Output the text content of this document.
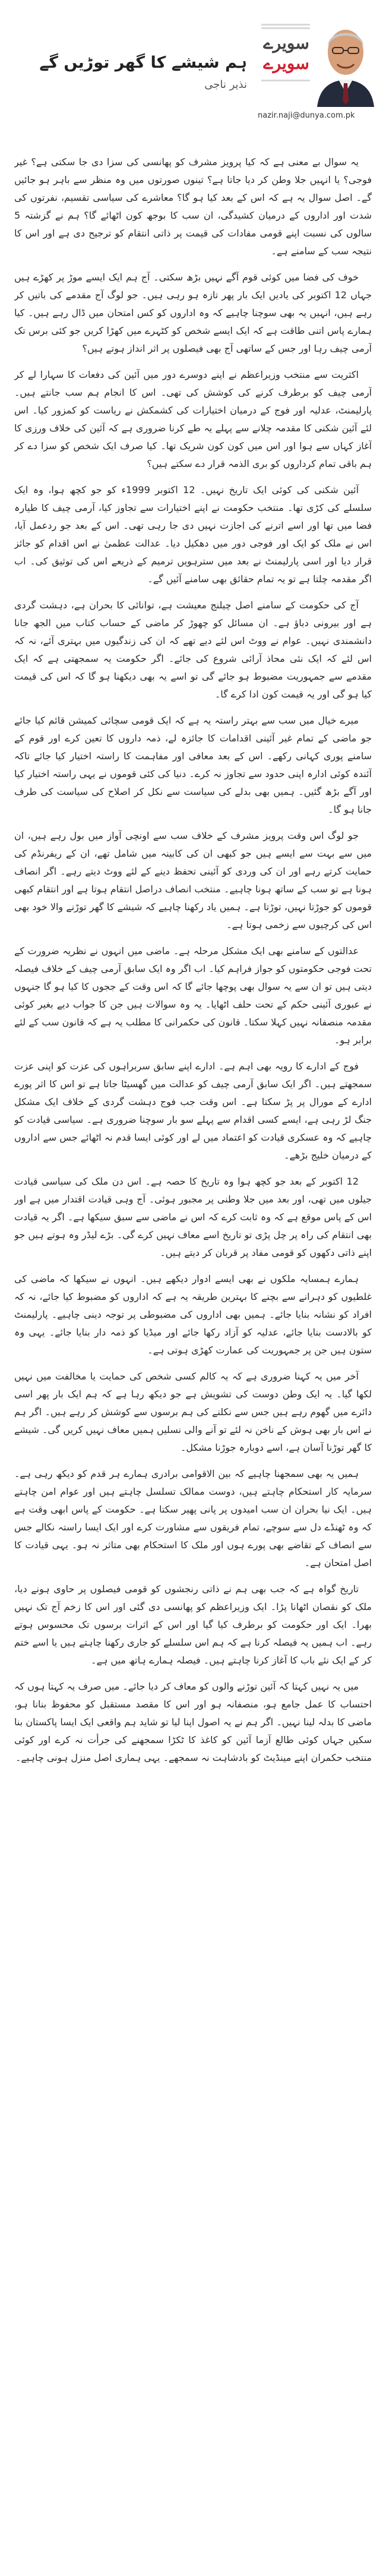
ہم شیشے کا گھر توڑیں گے
نذیر ناجی
سویرے
سویرے
nazir.naji@dunya.com.pk

یہ سوال بے معنی ہے کہ کیا پرویز مشرف کو پھانسی کی سزا دی جا سکتی ہے؟ غیر فوجی؟ یا انہیں جلا وطن کر دیا جاتا ہے؟ تینوں صورتوں میں وہ منظر سے باہر ہو جائیں گے۔ اصل سوال یہ ہے کہ اس کے بعد کیا ہو گا؟ معاشرے کی سیاسی تقسیم، نفرتوں کی شدت اور اداروں کے درمیان کشیدگی، ان سب کا بوجھ کون اٹھائے گا؟ ہم نے گزشتہ 5 سالوں کی نسبت اپنے قومی مفادات کی قیمت پر ذاتی انتقام کو ترجیح دی ہے اور اس کا نتیجہ سب کے سامنے ہے۔

خوف کی فضا میں کوئی قوم آگے نہیں بڑھ سکتی۔ آج ہم ایک ایسے موڑ پر کھڑے ہیں جہاں 12 اکتوبر کی یادیں ایک بار پھر تازہ ہو رہی ہیں۔ جو لوگ آج مقدمے کی باتیں کر رہے ہیں، انہیں یہ بھی سوچنا چاہیے کہ وہ اداروں کو کس امتحان میں ڈال رہے ہیں۔ کیا ہمارے پاس اتنی طاقت ہے کہ ایک ایسے شخص کو کٹہرے میں کھڑا کریں جو کئی برس تک آرمی چیف رہا اور جس کے ساتھی آج بھی فیصلوں پر اثر انداز ہوتے ہیں؟

اکثریت سے منتخب وزیراعظم نے اپنے دوسرے دور میں آئین کی دفعات کا سہارا لے کر آرمی چیف کو برطرف کرنے کی کوشش کی تھی۔ اس کا انجام ہم سب جانتے ہیں۔ پارلیمنٹ، عدلیہ اور فوج کے درمیان اختیارات کی کشمکش نے ریاست کو کمزور کیا۔ اس لئے آئین شکنی کا مقدمہ چلانے سے پہلے یہ طے کرنا ضروری ہے کہ آئین کی خلاف ورزی کا آغاز کہاں سے ہوا اور اس میں کون کون شریک تھا۔ کیا صرف ایک شخص کو سزا دے کر ہم باقی تمام کرداروں کو بری الذمہ قرار دے سکتے ہیں؟

آئین شکنی کی کوئی ایک تاریخ نہیں۔ 12 اکتوبر 1999ء کو جو کچھ ہوا، وہ ایک سلسلے کی کڑی تھا۔ منتخب حکومت نے اپنے اختیارات سے تجاوز کیا، آرمی چیف کا طیارہ فضا میں تھا اور اسے اترنے کی اجازت نہیں دی جا رہی تھی۔ اس کے بعد جو ردعمل آیا، اس نے ملک کو ایک اور فوجی دور میں دھکیل دیا۔ عدالت عظمیٰ نے اس اقدام کو جائز قرار دیا اور اسی پارلیمنٹ نے بعد میں سترہویں ترمیم کے ذریعے اس کی توثیق کی۔ اب اگر مقدمہ چلتا ہے تو یہ تمام حقائق بھی سامنے آئیں گے۔

آج کی حکومت کے سامنے اصل چیلنج معیشت ہے، توانائی کا بحران ہے، دہشت گردی ہے اور بیرونی دباؤ ہے۔ ان مسائل کو چھوڑ کر ماضی کے حساب کتاب میں الجھ جانا دانشمندی نہیں۔ عوام نے ووٹ اس لئے دیے تھے کہ ان کی زندگیوں میں بہتری آئے، نہ کہ اس لئے کہ ایک نئی محاذ آرائی شروع کی جائے۔ اگر حکومت یہ سمجھتی ہے کہ ایک مقدمے سے جمہوریت مضبوط ہو جائے گی تو اسے یہ بھی دیکھنا ہو گا کہ اس کی قیمت کیا ہو گی اور یہ قیمت کون ادا کرے گا۔

میرے خیال میں سب سے بہتر راستہ یہ ہے کہ ایک قومی سچائی کمیشن قائم کیا جائے جو ماضی کے تمام غیر آئینی اقدامات کا جائزہ لے، ذمہ داروں کا تعین کرے اور قوم کے سامنے پوری کہانی رکھے۔ اس کے بعد معافی اور مفاہمت کا راستہ اختیار کیا جائے تاکہ آئندہ کوئی ادارہ اپنی حدود سے تجاوز نہ کرے۔ دنیا کی کئی قوموں نے یہی راستہ اختیار کیا اور آگے بڑھ گئیں۔ ہمیں بھی بدلے کی سیاست سے نکل کر اصلاح کی سیاست کی طرف جانا ہو گا۔

جو لوگ اس وقت پرویز مشرف کے خلاف سب سے اونچی آواز میں بول رہے ہیں، ان میں سے بہت سے ایسے ہیں جو کبھی ان کی کابینہ میں شامل تھے، ان کے ریفرنڈم کی حمایت کرتے رہے اور ان کی وردی کو آئینی تحفظ دینے کے لئے ووٹ دیتے رہے۔ اگر انصاف ہونا ہے تو سب کے ساتھ ہونا چاہیے۔ منتخب انصاف دراصل انتقام ہوتا ہے اور انتقام کبھی قوموں کو جوڑتا نہیں، توڑتا ہے۔ ہمیں یاد رکھنا چاہیے کہ شیشے کا گھر توڑنے والا خود بھی اس کی کرچیوں سے زخمی ہوتا ہے۔

عدالتوں کے سامنے بھی ایک مشکل مرحلہ ہے۔ ماضی میں انہوں نے نظریہ ضرورت کے تحت فوجی حکومتوں کو جواز فراہم کیا۔ اب اگر وہ ایک سابق آرمی چیف کے خلاف فیصلہ دیتی ہیں تو ان سے یہ سوال بھی پوچھا جائے گا کہ اس وقت کے ججوں کا کیا ہو گا جنہوں نے عبوری آئینی حکم کے تحت حلف اٹھایا۔ یہ وہ سوالات ہیں جن کا جواب دیے بغیر کوئی مقدمہ منصفانہ نہیں کہلا سکتا۔ قانون کی حکمرانی کا مطلب یہ ہے کہ قانون سب کے لئے برابر ہو۔

فوج کے ادارے کا رویہ بھی اہم ہے۔ ادارے اپنے سابق سربراہوں کی عزت کو اپنی عزت سمجھتے ہیں۔ اگر ایک سابق آرمی چیف کو عدالت میں گھسیٹا جاتا ہے تو اس کا اثر پورے ادارے کے مورال پر پڑ سکتا ہے۔ اس وقت جب فوج دہشت گردی کے خلاف ایک مشکل جنگ لڑ رہی ہے، ایسے کسی اقدام سے پہلے سو بار سوچنا ضروری ہے۔ سیاسی قیادت کو چاہیے کہ وہ عسکری قیادت کو اعتماد میں لے اور کوئی ایسا قدم نہ اٹھائے جس سے اداروں کے درمیان خلیج بڑھے۔

12 اکتوبر کے بعد جو کچھ ہوا وہ تاریخ کا حصہ ہے۔ اس دن ملک کی سیاسی قیادت جیلوں میں تھی، اور بعد میں جلا وطنی پر مجبور ہوئی۔ آج وہی قیادت اقتدار میں ہے اور اس کے پاس موقع ہے کہ وہ ثابت کرے کہ اس نے ماضی سے سبق سیکھا ہے۔ اگر یہ قیادت بھی انتقام کی راہ پر چل پڑی تو تاریخ اسے معاف نہیں کرے گی۔ بڑے لیڈر وہ ہوتے ہیں جو اپنے ذاتی دکھوں کو قومی مفاد پر قربان کر دیتے ہیں۔

ہمارے ہمسایہ ملکوں نے بھی ایسے ادوار دیکھے ہیں۔ انہوں نے سیکھا کہ ماضی کی غلطیوں کو دہرانے سے بچنے کا بہترین طریقہ یہ ہے کہ اداروں کو مضبوط کیا جائے، نہ کہ افراد کو نشانہ بنایا جائے۔ ہمیں بھی اداروں کی مضبوطی پر توجہ دینی چاہیے۔ پارلیمنٹ کو بالادست بنایا جائے، عدلیہ کو آزاد رکھا جائے اور میڈیا کو ذمہ دار بنایا جائے۔ یہی وہ ستون ہیں جن پر جمہوریت کی عمارت کھڑی ہوتی ہے۔

آخر میں یہ کہنا ضروری ہے کہ یہ کالم کسی شخص کی حمایت یا مخالفت میں نہیں لکھا گیا۔ یہ ایک وطن دوست کی تشویش ہے جو دیکھ رہا ہے کہ ہم ایک بار پھر اسی دائرے میں گھوم رہے ہیں جس سے نکلنے کی ہم برسوں سے کوشش کر رہے ہیں۔ اگر ہم نے اس بار بھی ہوش کے ناخن نہ لئے تو آنے والی نسلیں ہمیں معاف نہیں کریں گی۔ شیشے کا گھر توڑنا آسان ہے، اسے دوبارہ جوڑنا مشکل۔

ہمیں یہ بھی سمجھنا چاہیے کہ بین الاقوامی برادری ہمارے ہر قدم کو دیکھ رہی ہے۔ سرمایہ کار استحکام چاہتے ہیں، دوست ممالک تسلسل چاہتے ہیں اور عوام امن چاہتے ہیں۔ ایک نیا بحران ان سب امیدوں پر پانی پھیر سکتا ہے۔ حکومت کے پاس ابھی وقت ہے کہ وہ ٹھنڈے دل سے سوچے، تمام فریقوں سے مشاورت کرے اور ایک ایسا راستہ نکالے جس سے انصاف کے تقاضے بھی پورے ہوں اور ملک کا استحکام بھی متاثر نہ ہو۔ یہی قیادت کا اصل امتحان ہے۔

تاریخ گواہ ہے کہ جب بھی ہم نے ذاتی رنجشوں کو قومی فیصلوں پر حاوی ہونے دیا، ملک کو نقصان اٹھانا پڑا۔ ایک وزیراعظم کو پھانسی دی گئی اور اس کا زخم آج تک نہیں بھرا۔ ایک اور حکومت کو برطرف کیا گیا اور اس کے اثرات برسوں تک محسوس ہوتے رہے۔ اب ہمیں یہ فیصلہ کرنا ہے کہ ہم اس سلسلے کو جاری رکھنا چاہتے ہیں یا اسے ختم کر کے ایک نئے باب کا آغاز کرنا چاہتے ہیں۔ فیصلہ ہمارے ہاتھ میں ہے۔

میں یہ نہیں کہتا کہ آئین توڑنے والوں کو معاف کر دیا جائے۔ میں صرف یہ کہتا ہوں کہ احتساب کا عمل جامع ہو، منصفانہ ہو اور اس کا مقصد مستقبل کو محفوظ بنانا ہو، ماضی کا بدلہ لینا نہیں۔ اگر ہم نے یہ اصول اپنا لیا تو شاید ہم واقعی ایک ایسا پاکستان بنا سکیں جہاں کوئی طالع آزما آئین کو کاغذ کا ٹکڑا سمجھنے کی جرأت نہ کرے اور کوئی منتخب حکمران اپنے مینڈیٹ کو بادشاہت نہ سمجھے۔ یہی ہماری اصل منزل ہونی چاہیے۔
